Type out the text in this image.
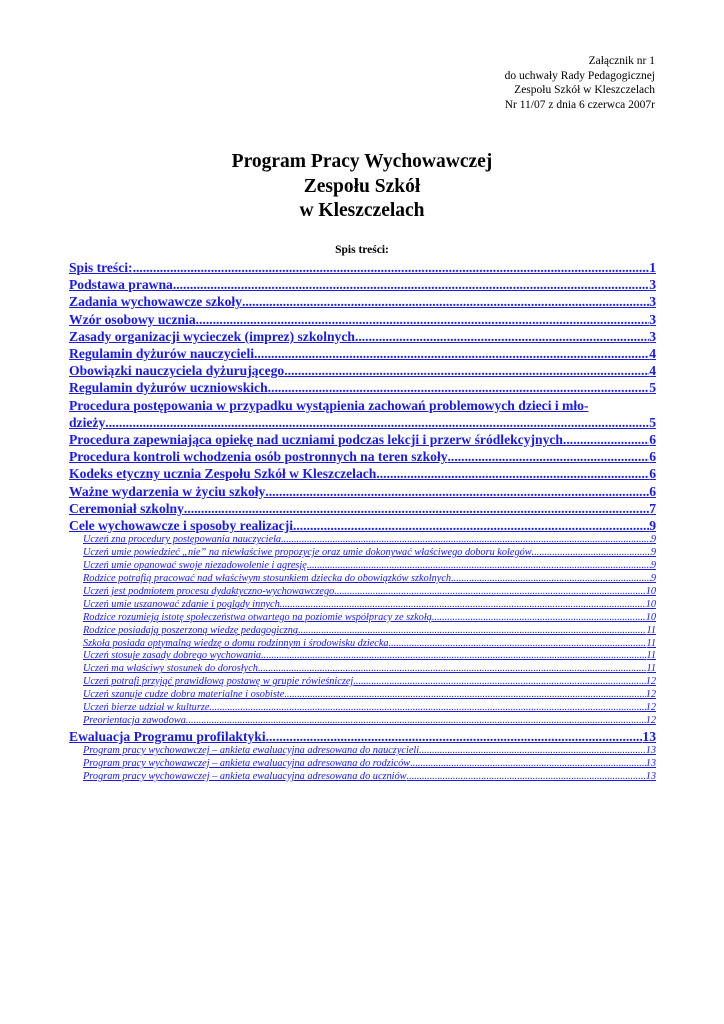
Załącznik nr 1
do uchwały Rady Pedagogicznej
Zespołu Szkół w Kleszczelach
Nr 11/07 z dnia 6 czerwca 2007r
Program Pracy Wychowawczej
Zespołu Szkół
w Kleszczelach
Spis treści:
Spis treści: .....	1
Podstawa prawna .....	3
Zadania wychowawcze szkoły .....	3
Wzór osobowy ucznia .....	3
Zasady organizacji wycieczek (imprez) szkolnych .....	3
Regulamin dyżurów nauczycieli .....	4
Obowiązki nauczyciela dyżurującego .....	4
Regulamin dyżurów uczniowskich .....	5
Procedura postępowania w przypadku wystąpienia zachowań problemowych dzieci i mło-
dzieży .....	5
Procedura zapewniająca opiekę nad uczniami podczas lekcji i przerw śródlekcyjnych. .....	6
Procedura kontroli wchodzenia osób postronnych na teren szkoły .....	6
Kodeks etyczny ucznia Zespołu Szkół w Kleszczelach .....	6
Ważne wydarzenia w życiu szkoły .....	6
Ceremoniał szkolny .....	7
Cele wychowawcze i sposoby realizacji .....	9
Uczeń zna procedury postępowania nauczyciela .....	9
Uczeń umie powiedzieć „nie” na niewłaściwe propozycje oraz umie dokonywać właściwego doboru kolegów .....	9
Uczeń umie opanować swoje niezadowolenie i agresję. .....	9
Rodzice potrafią pracować nad właściwym stosunkiem dziecka do obowiązków szkolnych .....	9
Uczeń jest podmiotem procesu dydaktyczno-wychowawczego .....	10
Uczeń umie uszanować zdanie i poglądy innych .....	10
Rodzice rozumieją istotę społeczeństwa otwartego na poziomie współpracy ze szkołą .....	10
Rodzice posiadają poszerzoną wiedzę pedagogiczną .....	11
Szkoła posiada optymalną wiedzę o domu rodzinnym i środowisku dziecka .....	11
Uczeń stosuje zasady dobrego wychowania .....	11
Uczeń ma właściwy stosunek do dorosłych .....	11
Uczeń potrafi przyjąć prawidłową postawę w grupie rówieśniczej .....	12
Uczeń szanuje cudze dobra materialne i osobiste .....	12
Uczeń bierze udział w kulturze .....	12
Preorientacja zawodowa .....	12
Ewaluacja Programu profilaktyki .....	13
Program pracy wychowawczej – ankieta ewaluacyjna adresowana do nauczycieli .....	13
Program pracy wychowawczej – ankieta ewaluacyjna adresowana do rodziców .....	13
Program pracy wychowawczej – ankieta ewaluacyjna adresowana do uczniów .....	13
